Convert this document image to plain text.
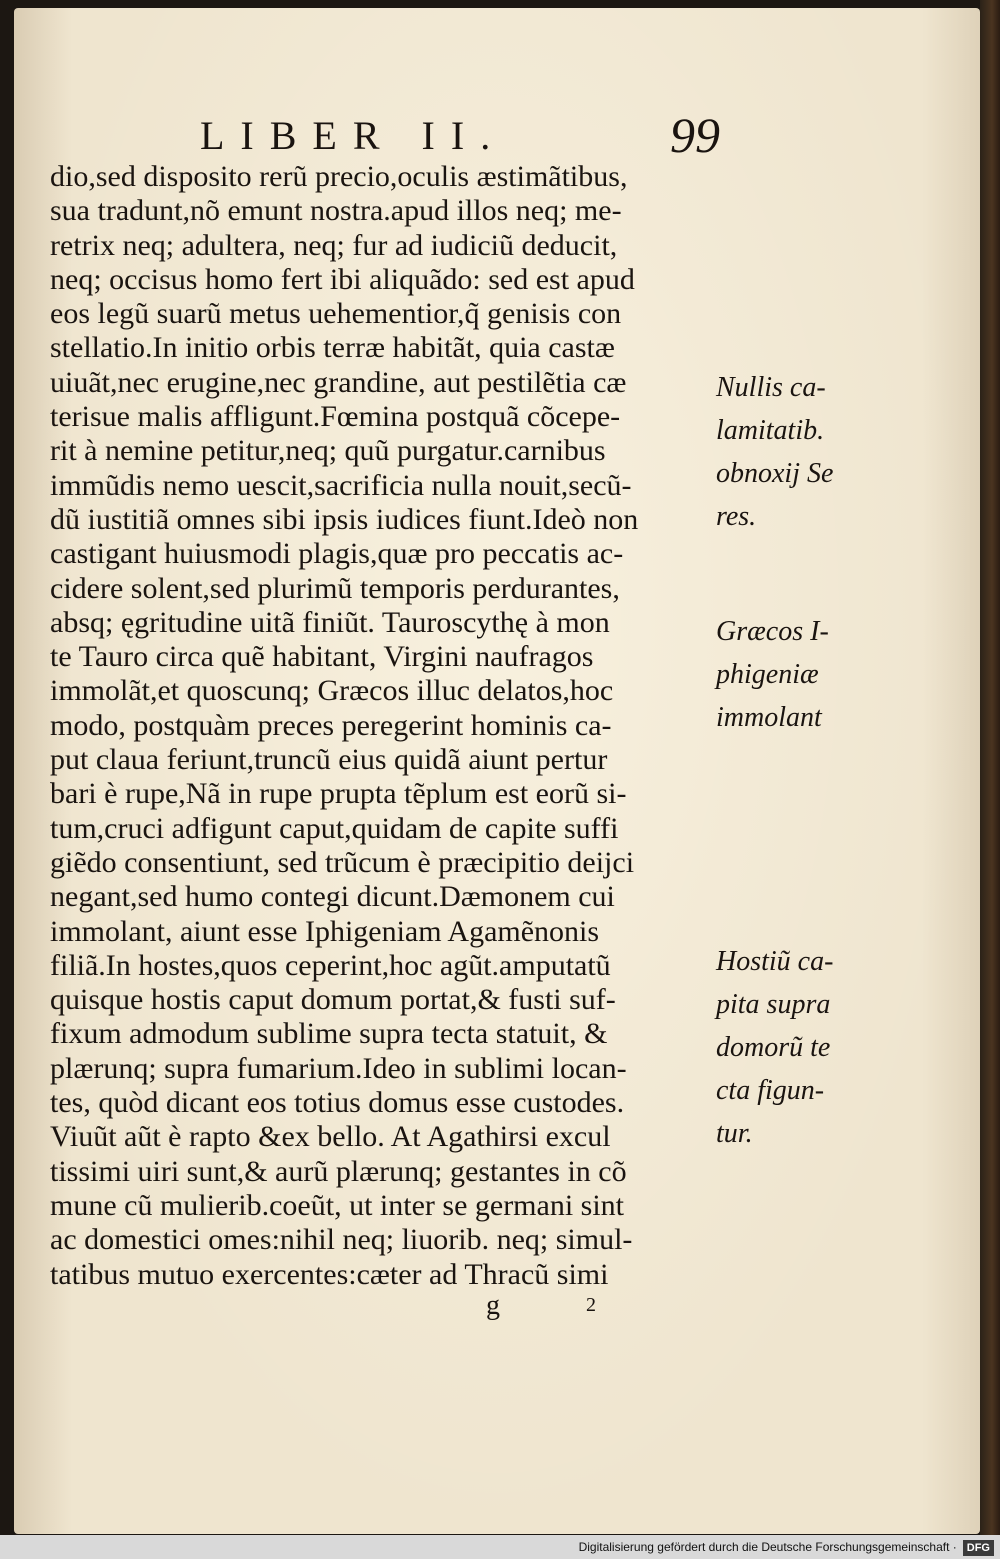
LIBER II.	99
dio,sed disposito rerũ precio,oculis æstimãtibus,
sua tradunt,nõ emunt nostra.apud illos neq; me-
retrix neq; adultera, neq; fur ad iudiciũ deducit,
neq; occisus homo fert ibi aliquãdo: sed est apud
eos legũ suarũ metus uehementior,q̃ genisis con
stellatio.In initio orbis terræ habitãt, quia castæ
uiuãt,nec erugine,nec grandine, aut pestilẽtia cæ
terisue malis affligunt.Fœmina postquã cõcepe-
rit à nemine petitur,neq; quũ purgatur.carnibus
immũdis nemo uescit,sacrificia nulla nouit,secũ-
dũ iustitiã omnes sibi ipsis iudices fiunt.Ideò non
castigant huiusmodi plagis,quæ pro peccatis ac-
cidere solent,sed plurimũ temporis perdurantes,
absq; ęgritudine uitã finiũt. Tauroscythę à mon
te Tauro circa quẽ habitant, Virgini naufragos
immolãt,et quoscunq; Græcos illuc delatos,hoc
modo, postquàm preces peregerint hominis ca-
put claua feriunt,truncũ eius quidã aiunt pertur
bari è rupe,Nã in rupe prupta tẽplum est eorũ si-
tum,cruci adfigunt caput,quidam de capite suffi
giẽdo consentiunt, sed trũcum è præcipitio deijci
negant,sed humo contegi dicunt.Dæmonem cui
immolant, aiunt esse Iphigeniam Agamẽnonis
filiã.In hostes,quos ceperint,hoc agũt.amputatũ
quisque hostis caput domum portat,& fusti suf-
fixum admodum sublime supra tecta statuit, &
plærunq; supra fumarium.Ideo in sublimi locan-
tes, quòd dicant eos totius domus esse custodes.
Viuũt aũt è rapto &ex bello. At Agathirsi excul
tissimi uiri sunt,& aurũ plærunq; gestantes in cõ
mune cũ mulierib.coeũt, ut inter se germani sint
ac domestici omes:nihil neq; liuorib. neq; simul-
tatibus mutuo exercentes:cæter ad Thracũ simi
Nullis ca-
lamitatib.
obnoxij Se
res.
Græcos I-
phigeniæ
immolant
Hostiũ ca-
pita supra
domorũ te
cta figun-
tur.
g	2
Digitalisierung gefördert durch die Deutsche Forschungsgemeinschaft · DFG
